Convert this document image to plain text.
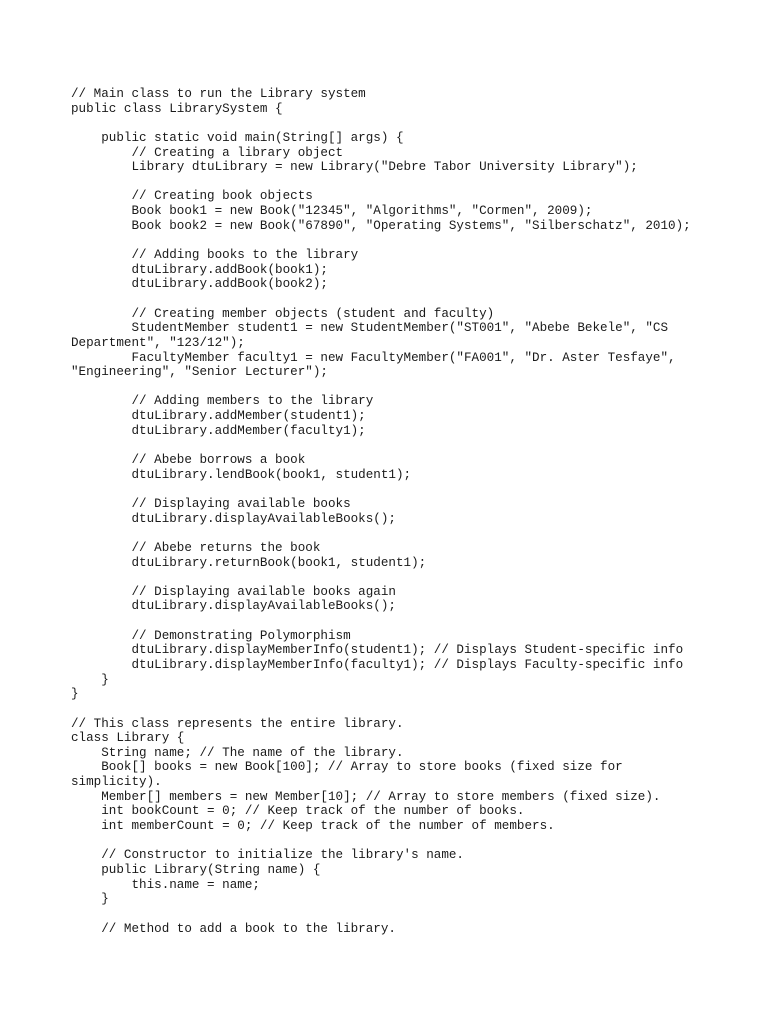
// Main class to run the Library system
public class LibrarySystem {
public static void main(String[] args) {
// Creating a library object
Library dtuLibrary = new Library("Debre Tabor University Library");
// Creating book objects
Book book1 = new Book("12345", "Algorithms", "Cormen", 2009);
Book book2 = new Book("67890", "Operating Systems", "Silberschatz", 2010);
// Adding books to the library
dtuLibrary.addBook(book1);
dtuLibrary.addBook(book2);
// Creating member objects (student and faculty)
StudentMember student1 = new StudentMember("ST001", "Abebe Bekele", "CS
Department", "123/12");
FacultyMember faculty1 = new FacultyMember("FA001", "Dr. Aster Tesfaye",
"Engineering", "Senior Lecturer");
// Adding members to the library
dtuLibrary.addMember(student1);
dtuLibrary.addMember(faculty1);
// Abebe borrows a book
dtuLibrary.lendBook(book1, student1);
// Displaying available books
dtuLibrary.displayAvailableBooks();
// Abebe returns the book
dtuLibrary.returnBook(book1, student1);
// Displaying available books again
dtuLibrary.displayAvailableBooks();
// Demonstrating Polymorphism
dtuLibrary.displayMemberInfo(student1); // Displays Student-specific info
dtuLibrary.displayMemberInfo(faculty1); // Displays Faculty-specific info
}
}
// This class represents the entire library.
class Library {
String name; // The name of the library.
Book[] books = new Book[100]; // Array to store books (fixed size for
simplicity).
Member[] members = new Member[10]; // Array to store members (fixed size).
int bookCount = 0; // Keep track of the number of books.
int memberCount = 0; // Keep track of the number of members.
// Constructor to initialize the library's name.
public Library(String name) {
this.name = name;
}
// Method to add a book to the library.
